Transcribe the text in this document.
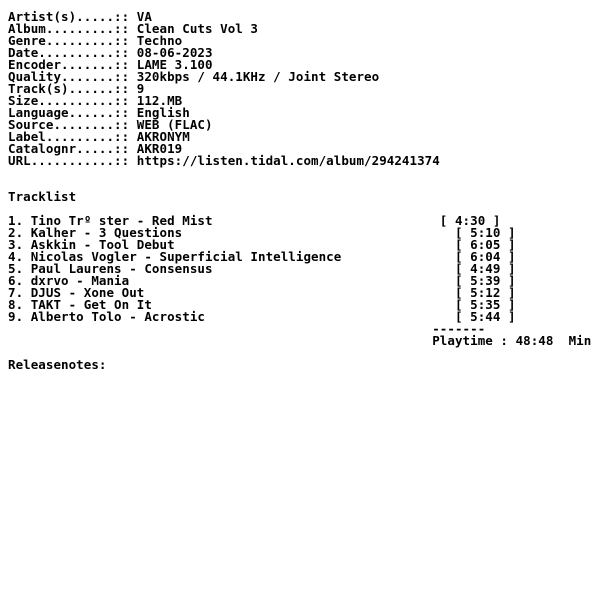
Artist(s).....:: VA
Album.........:: Clean Cuts Vol 3
Genre.........:: Techno
Date..........:: 08-06-2023
Encoder.......:: LAME 3.100
Quality.......:: 320kbps / 44.1KHz / Joint Stereo
Track(s)......:: 9
Size..........:: 112.MB
Language......:: English
Source........:: WEB (FLAC)
Label.........:: AKRONYM
Catalognr.....:: AKR019
URL...........:: https://listen.tidal.com/album/294241374
Tracklist
1. Tino Trº ster - Red Mist                              [ 4:30 ]
2. Kalher - 3 Questions                                    [ 5:10 ]
3. Askkin - Tool Debut                                     [ 6:05 ]
4. Nicolas Vogler - Superficial Intelligence               [ 6:04 ]
5. Paul Laurens - Consensus                                [ 4:49 ]
6. dxrvo - Mania                                           [ 5:39 ]
7. DJUS - Xone Out                                         [ 5:12 ]
8. TAKT - Get On It                                        [ 5:35 ]
9. Alberto Tolo - Acrostic                                 [ 5:44 ]
-------
Playtime : 48:48  Min
Releasenotes:
